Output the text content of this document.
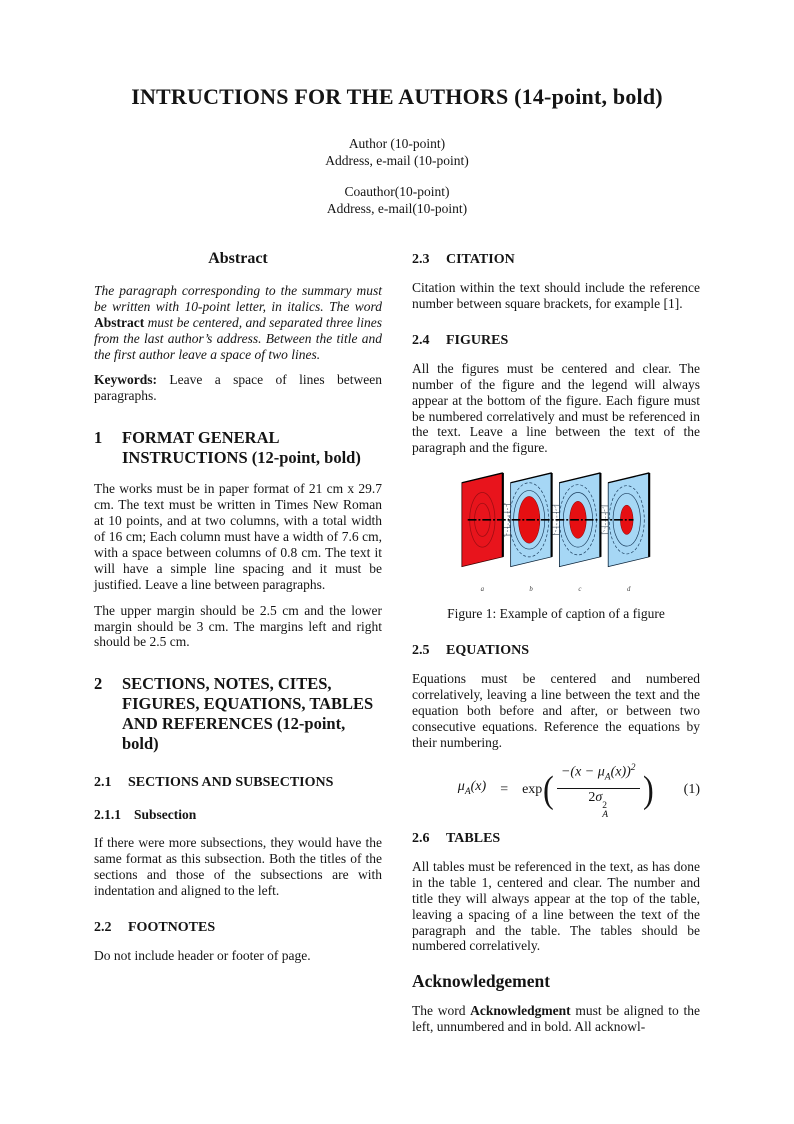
INTRUCTIONS FOR THE AUTHORS (14-point, bold)
Author (10-point)
Address, e-mail (10-point)
Coauthor(10-point)
Address, e-mail(10-point)
Abstract

The paragraph corresponding to the summary must be written with 10-point letter, in italics. The word Abstract must be centered, and separated three lines from the last author’s address. Between the title and the first author leave a space of two lines.

Keywords: Leave a space of lines between paragraphs.

1	FORMAT GENERAL INSTRUCTIONS (12-point, bold)

The works must be in paper format of 21 cm x 29.7 cm. The text must be written in Times New Roman at 10 points, and at two columns, with a total width of 16 cm; Each column must have a width of 7.6 cm, with a space between columns of 0.8 cm. The text it will have a simple line spacing and it must be justified. Leave a line between paragraphs.

The upper margin should be 2.5 cm and the lower margin should be 3 cm. The margins left and right should be 2.5 cm.

2	SECTIONS, NOTES, CITES, FIGURES, EQUATIONS, TABLES AND REFERENCES (12-point, bold)
2.1	SECTIONS AND SUBSECTIONS
2.1.1 Subsection

If there were more subsections, they would have the same format as this subsection. Both the titles of the sections and those of the subsections are with indentation and aligned to the left.

2.2	FOOTNOTES

Do not include header or footer of page.

2.3	CITATION

Citation within the text should include the reference number between square brackets, for example [1].

2.4	FIGURES

All the figures must be centered and clear. The number of the figure and the legend will always appear at the bottom of the figure. Each figure must be numbered correlatively and must be referenced in the text. Leave a line between the text of the paragraph and the figure.

a	b	c	d
Figure 1: Example of caption of a figure
2.5	EQUATIONS

Equations must be centered and numbered correlatively, leaving a line between the text and the equation both before and after, or between two consecutive equations. Reference the equations by their numbering.

$\mu_A(x) = \exp$ ( $-(x - \mu_A(x))^2$
2σ
2
A ) (1)
2.6	TABLES

All tables must be referenced in the text, as has done in the table 1, centered and clear. The number and title they will always appear at the top of the table, leaving a spacing of a line between the text of the paragraph and the table. The tables should be numbered correlatively.

Acknowledgement

The word Acknowledgment must be aligned to the left, unnumbered and in bold. All acknowl-
